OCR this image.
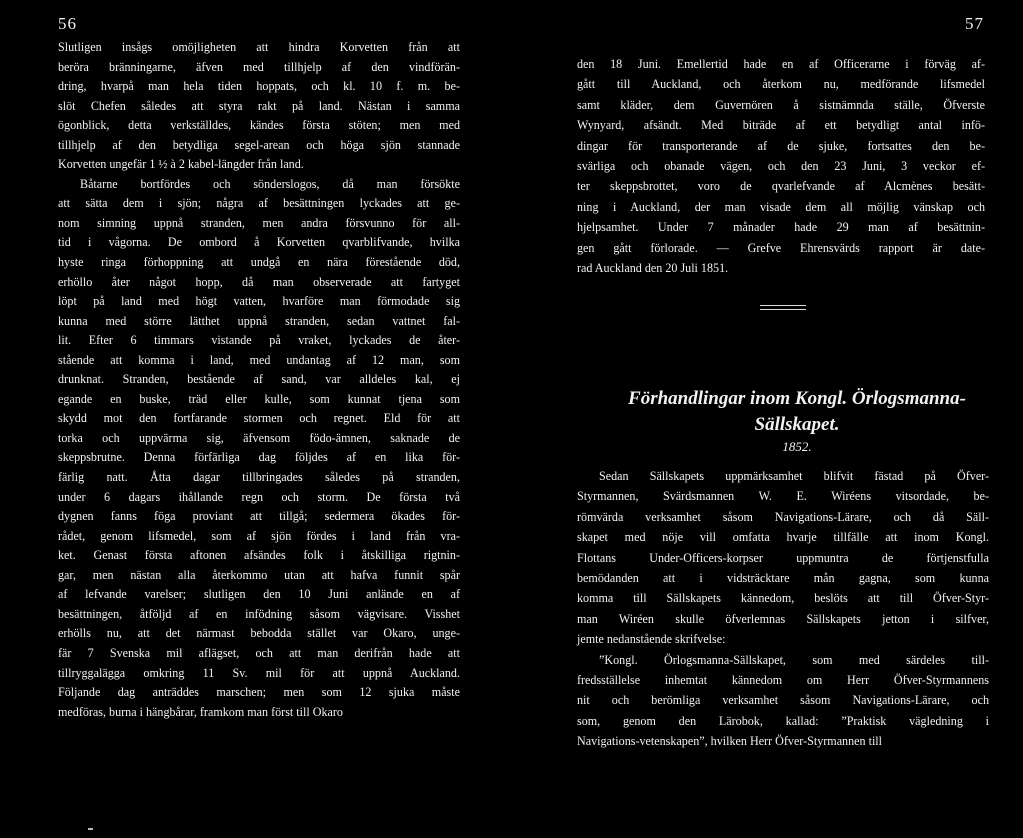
56
Slutligen insågs omöjligheten att hindra Korvetten från att
beröra bränningarne, äfven med tillhjelp af den vindförän-
dring, hvarpå man hela tiden hoppats, och kl. 10 f. m. be-
slöt Chefen således att styra rakt på land. Nästan i samma
ögonblick, detta verkställdes, kändes första stöten; men med
tillhjelp af den betydliga segel-arean och höga sjön stannade
Korvetten ungefär 1 ½ à 2 kabel-längder från land.
Båtarne bortfördes och sönderslogos, då man försökte
att sätta dem i sjön; några af besättningen lyckades att ge-
nom simning uppnå stranden, men andra försvunno för all-
tid i vågorna. De ombord å Korvetten qvarblifvande, hvilka
hyste ringa förhoppning att undgå en nära förestående död,
erhöllo åter något hopp, då man observerade att fartyget
löpt på land med högt vatten, hvarföre man förmodade sig
kunna med större lätthet uppnå stranden, sedan vattnet fal-
lit. Efter 6 timmars vistande på vraket, lyckades de åter-
stående att komma i land, med undantag af 12 man, som
drunknat. Stranden, bestående af sand, var alldeles kal, ej
egande en buske, träd eller kulle, som kunnat tjena som
skydd mot den fortfarande stormen och regnet. Eld för att
torka och uppvärma sig, äfvensom födo-ämnen, saknade de
skeppsbrutne. Denna förfärliga dag följdes af en lika för-
färlig natt. Åtta dagar tillbringades således på stranden,
under 6 dagars ihållande regn och storm. De första två
dygnen fanns föga proviant att tillgå; sedermera ökades för-
rådet, genom lifsmedel, som af sjön fördes i land från vra-
ket. Genast första aftonen afsändes folk i åtskilliga rigtnin-
gar, men nästan alla återkommo utan att hafva funnit spår
af lefvande varelser; slutligen den 10 Juni anlände en af
besättningen, åtföljd af en infödning såsom vägvisare. Visshet
erhölls nu, att det närmast bebodda stället var Okaro, unge-
fär 7 Svenska mil aflägset, och att man derifrån hade att
tillryggalägga omkring 11 Sv. mil för att uppnå Auckland.
Följande dag anträddes marschen; men som 12 sjuka måste
medföras, burna i hängbårar, framkom man först till Okaro
57
den 18 Juni. Emellertid hade en af Officerarne i förväg af-
gått till Auckland, och återkom nu, medförande lifsmedel
samt kläder, dem Guvernören å sistnämnda ställe, Öfverste
Wynyard, afsändt. Med biträde af ett betydligt antal infö-
dingar för transporterande af de sjuke, fortsattes den be-
svärliga och obanade vägen, och den 23 Juni, 3 veckor ef-
ter skeppsbrottet, voro de qvarlefvande af Alcmènes besätt-
ning i Auckland, der man visade dem all möjlig vänskap och
hjelpsamhet. Under 7 månader hade 29 man af besättnin-
gen gått förlorade. — Grefve Ehrensvärds rapport är date-
rad Auckland den 20 Juli 1851.
Förhandlingar inom Kongl. Örlogsmanna-Sällskapet.
1852.
Sedan Sällskapets uppmärksamhet blifvit fästad på Öfver-
Styrmannen, Svärdsmannen W. E. Wiréens vitsordade, be-
römvärda verksamhet såsom Navigations-Lärare, och då Säll-
skapet med nöje vill omfatta hvarje tillfälle att inom Kongl.
Flottans Under-Officers-korpser uppmuntra de förtjenstfulla
bemödanden att i vidsträcktare mån gagna, som kunna
komma till Sällskapets kännedom, beslöts att till Öfver-Styr-
man Wiréen skulle öfverlemnas Sällskapets jetton i silfver,
jemte nedanstående skrifvelse:
”Kongl. Örlogsmanna-Sällskapet, som med särdeles till-
fredsställelse inhemtat kännedom om Herr Öfver-Styrmannens
nit och berömliga verksamhet såsom Navigations-Lärare, och
som, genom den Lärobok, kallad: ”Praktisk vägledning i
Navigations-vetenskapen”, hvilken Herr Öfver-Styrmannen till
